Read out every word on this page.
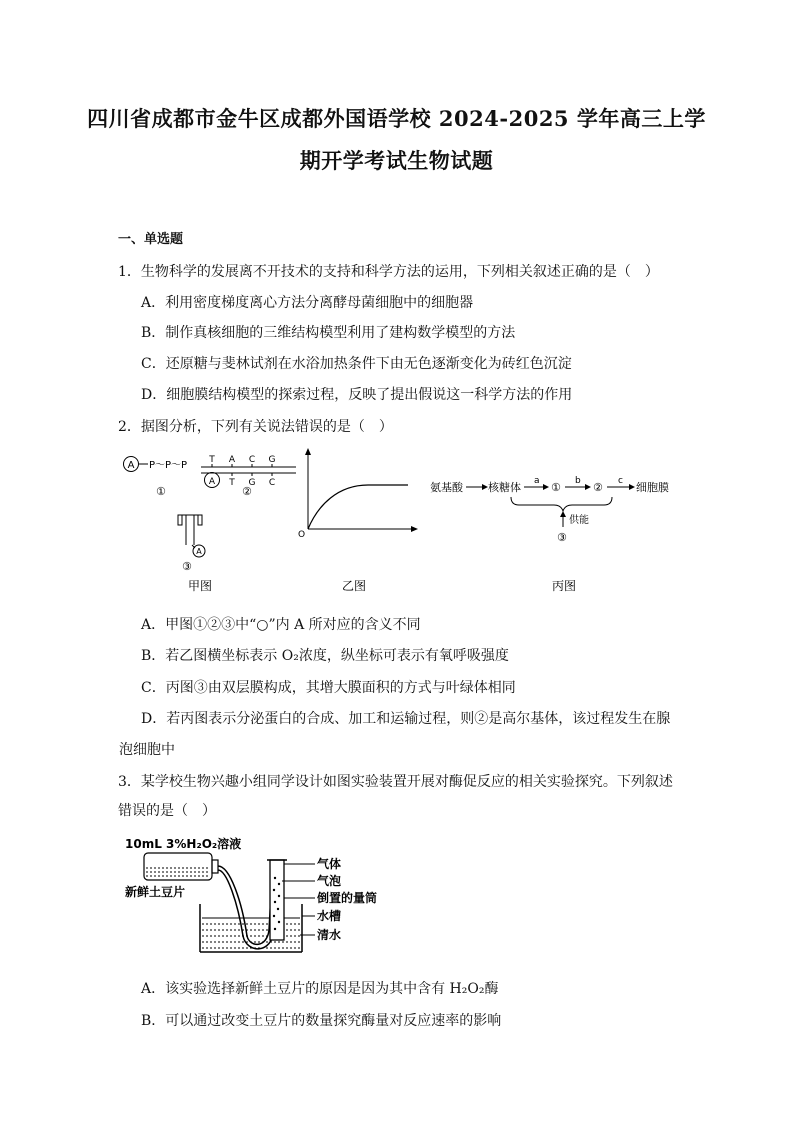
四川省成都市金牛区成都外国语学校 2024-2025 学年高三上学
期开学考试生物试题
一、单选题
1．生物科学的发展离不开技术的支持和科学方法的运用，下列相关叙述正确的是（　）
A．利用密度梯度离心方法分离酵母菌细胞中的细胞器
B．制作真核细胞的三维结构模型利用了建构数学模型的方法
C．还原糖与斐林试剂在水浴加热条件下由无色逐渐变化为砖红色沉淀
D．细胞膜结构模型的探索过程，反映了提出假说这一科学方法的作用
2．据图分析，下列有关说法错误的是（　）
A P～P～P
①
T A C G
A T G C
②
A
③
甲图
O
乙图
氨基酸 核糖体 a ① b ② c 细胞膜
供能
③
丙图
A．甲图①②③中“○”内 A 所对应的含义不同
B．若乙图横坐标表示 O₂浓度，纵坐标可表示有氧呼吸强度
C．丙图③由双层膜构成，其增大膜面积的方式与叶绿体相同
D．若丙图表示分泌蛋白的合成、加工和运输过程，则②是高尔基体，该过程发生在腺
泡细胞中
3．某学校生物兴趣小组同学设计如图实验装置开展对酶促反应的相关实验探究。下列叙述
错误的是（　）
10mL 3%H₂O₂溶液
新鲜土豆片
气体
气泡
倒置的量筒
水槽
清水
A．该实验选择新鲜土豆片的原因是因为其中含有 H₂O₂酶
B．可以通过改变土豆片的数量探究酶量对反应速率的影响
